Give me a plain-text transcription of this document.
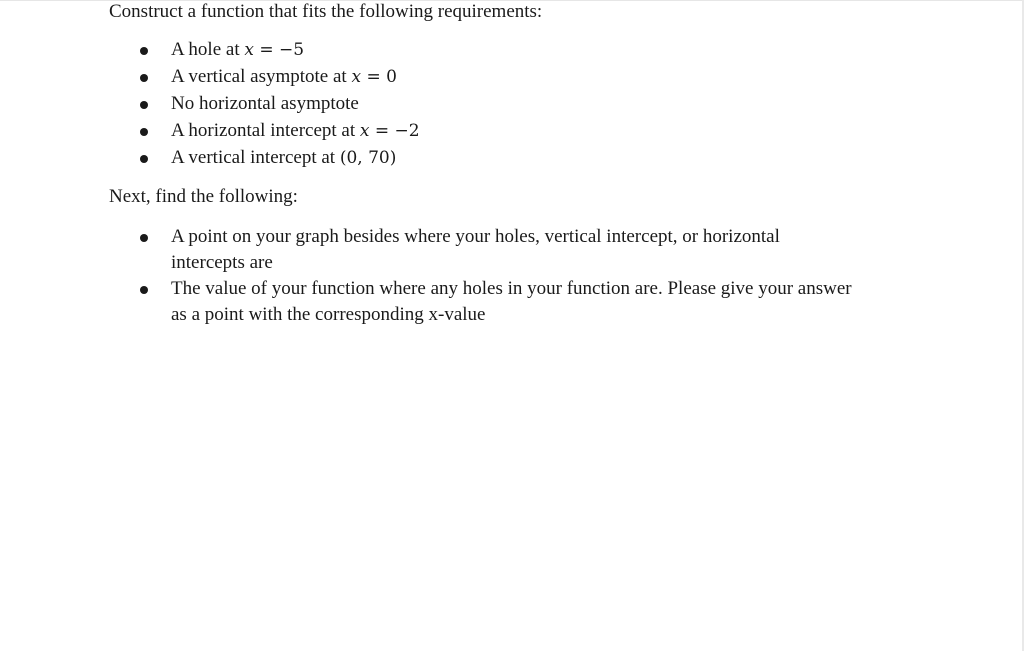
Construct a function that fits the following requirements:
A hole at x = −5
A vertical asymptote at x = 0
No horizontal asymptote
A horizontal intercept at x = −2
A vertical intercept at (0, 70)
Next, find the following:
A point on your graph besides where your holes, vertical intercept, or horizontal
intercepts are
The value of your function where any holes in your function are. Please give your answer
as a point with the corresponding x-value
